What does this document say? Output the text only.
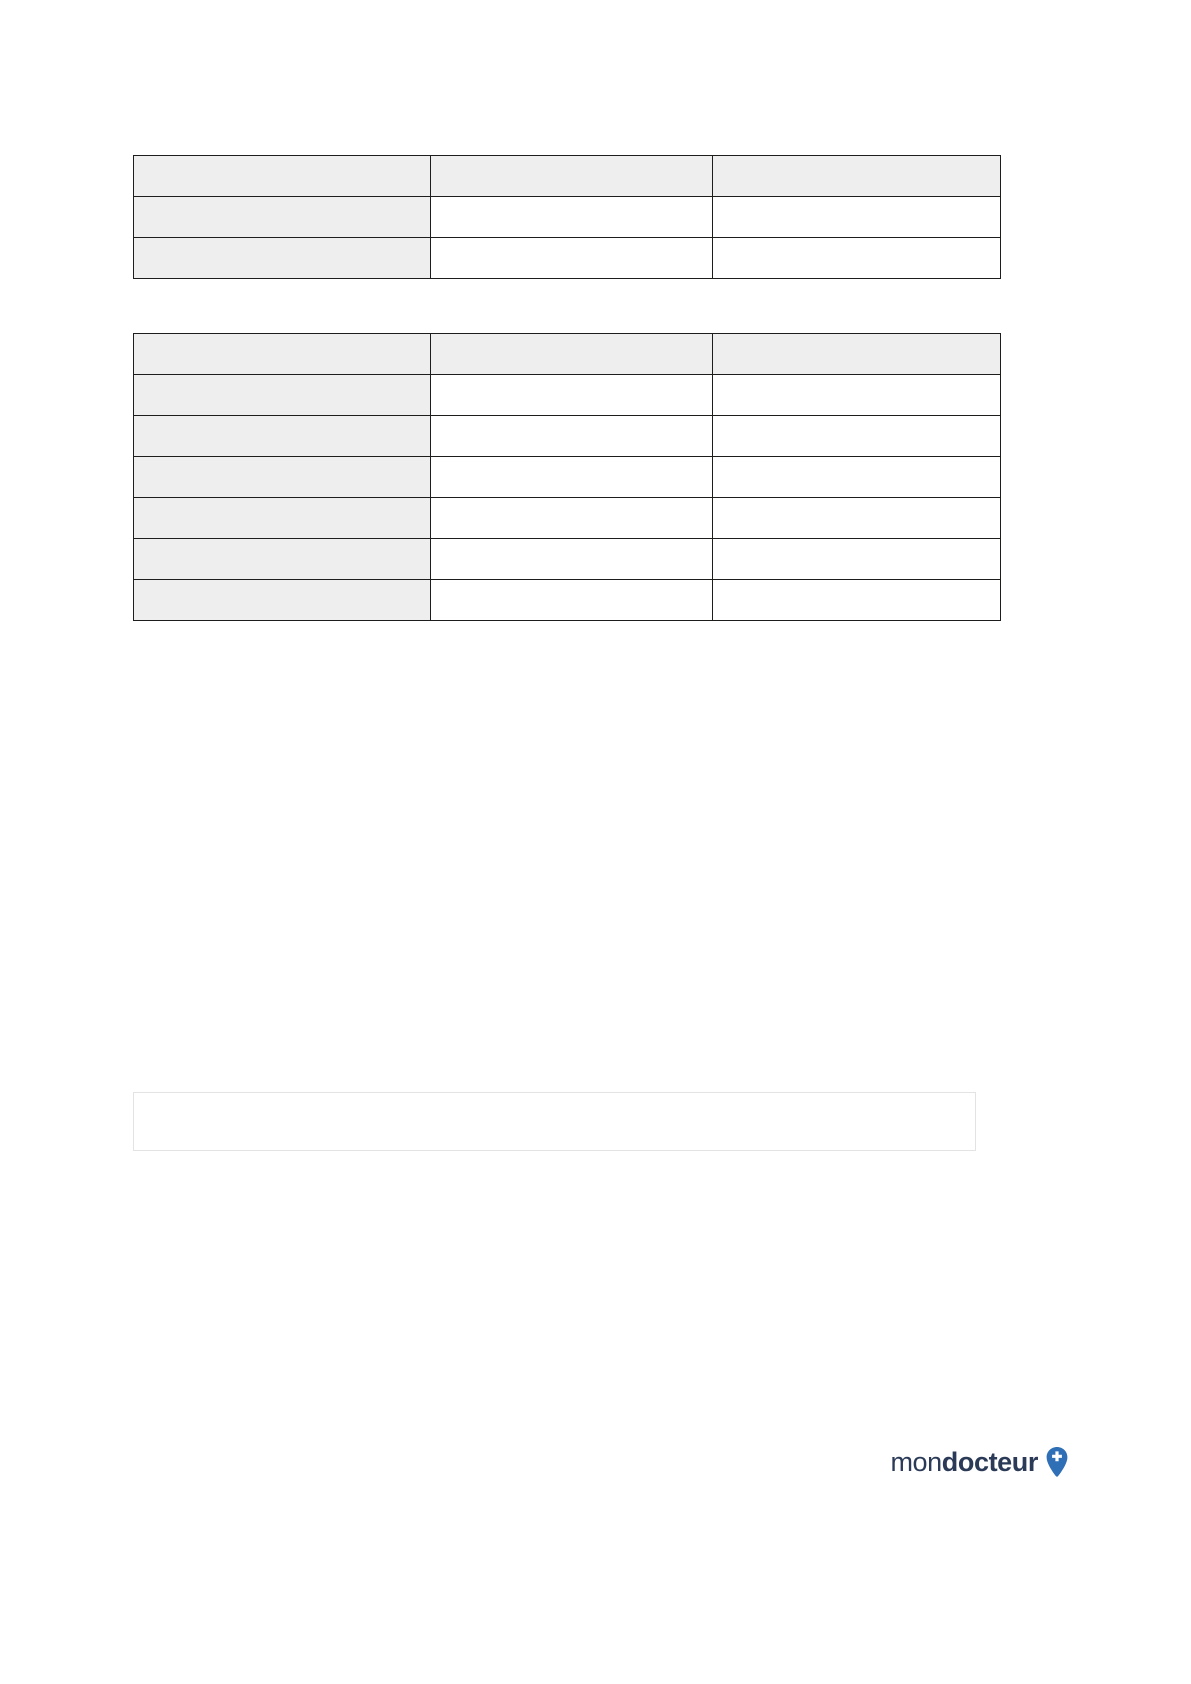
mondocteur
